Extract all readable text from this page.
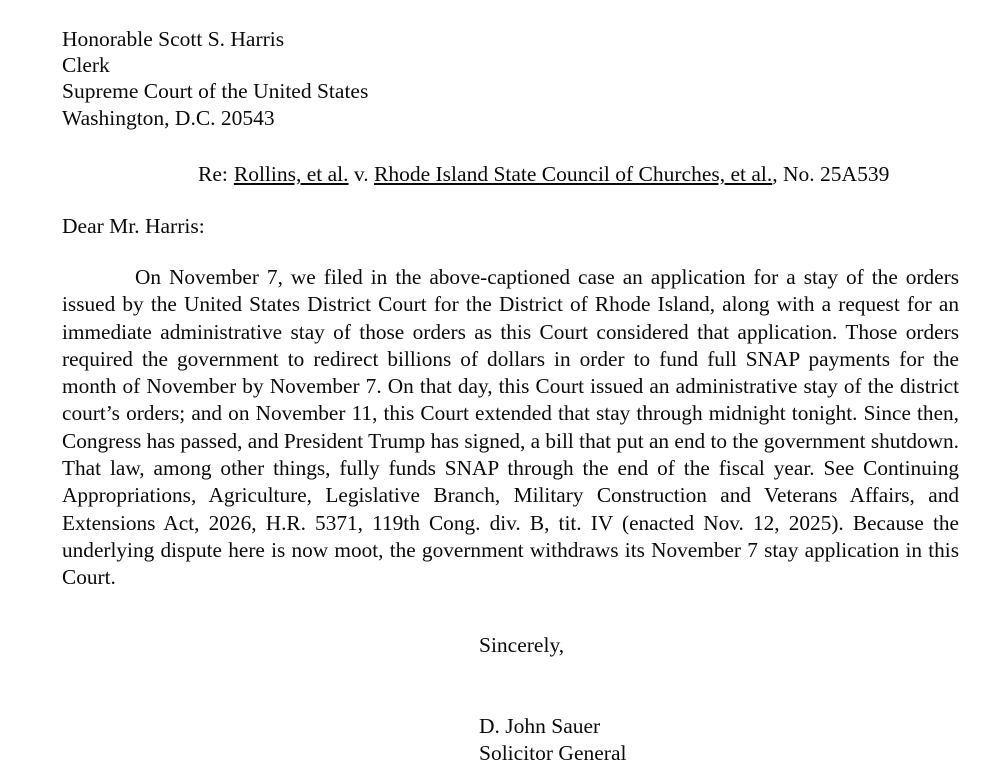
Honorable Scott S. Harris
Clerk
Supreme Court of the United States
Washington, D.C. 20543
Re: Rollins, et al. v. Rhode Island State Council of Churches, et al., No. 25A539
Dear Mr. Harris:

On November 7, we filed in the above-captioned case an application for a stay of the orders issued by the United States District Court for the District of Rhode Island, along with a request for an immediate administrative stay of those orders as this Court considered that application. Those orders required the government to redirect billions of dollars in order to fund full SNAP payments for the month of November by November 7. On that day, this Court issued an administrative stay of the district court’s orders; and on November 11, this Court extended that stay through midnight tonight. Since then, Congress has passed, and President Trump has signed, a bill that put an end to the government shutdown. That law, among other things, fully funds SNAP through the end of the fiscal year. See Continuing Appropriations, Agriculture, Legislative Branch, Military Construction and Veterans Affairs, and Extensions Act, 2026, H.R. 5371, 119th Cong. div. B, tit. IV (enacted Nov. 12, 2025). Because the underlying dispute here is now moot, the government withdraws its November 7 stay application in this Court.

Sincerely,
D. John Sauer
Solicitor General
